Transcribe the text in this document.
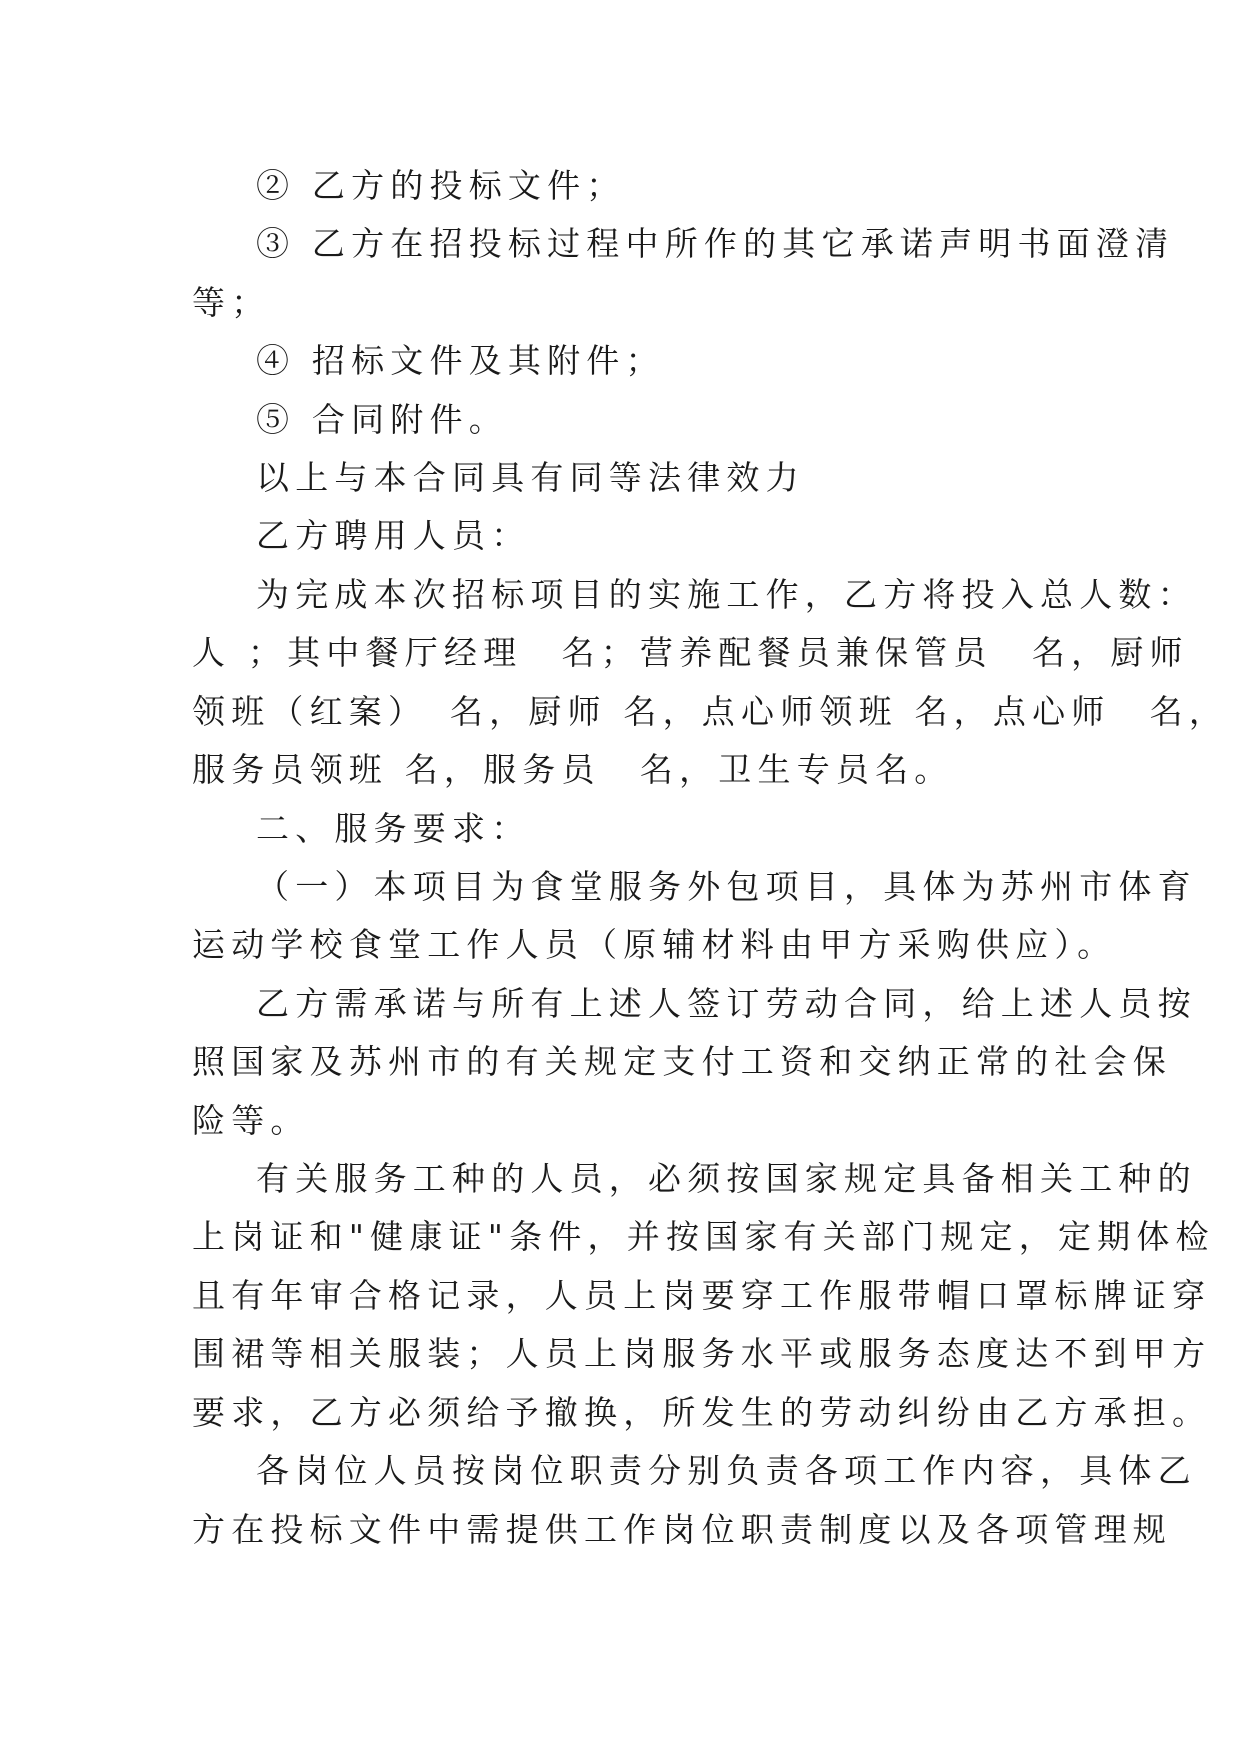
② 乙方的投标文件；
③ 乙方在招投标过程中所作的其它承诺声明书面澄清
等；
④ 招标文件及其附件；
⑤ 合同附件。
以上与本合同具有同等法律效力
乙方聘用人员：
为完成本次招标项目的实施工作，乙方将投入总人数：
人 ；其中餐厅经理　名；营养配餐员兼保管员　名，厨师
领班（红案）　名，厨师 名，点心师领班 名，点心师　名，
服务员领班 名，服务员　名，卫生专员名。
二、服务要求：
（一）本项目为食堂服务外包项目，具体为苏州市体育
运动学校食堂工作人员（原辅材料由甲方采购供应）。
乙方需承诺与所有上述人签订劳动合同，给上述人员按
照国家及苏州市的有关规定支付工资和交纳正常的社会保
险等。
有关服务工种的人员，必须按国家规定具备相关工种的
上岗证和"健康证"条件，并按国家有关部门规定，定期体检
且有年审合格记录，人员上岗要穿工作服带帽口罩标牌证穿
围裙等相关服装；人员上岗服务水平或服务态度达不到甲方
要求，乙方必须给予撤换，所发生的劳动纠纷由乙方承担。
各岗位人员按岗位职责分别负责各项工作内容，具体乙
方在投标文件中需提供工作岗位职责制度以及各项管理规
